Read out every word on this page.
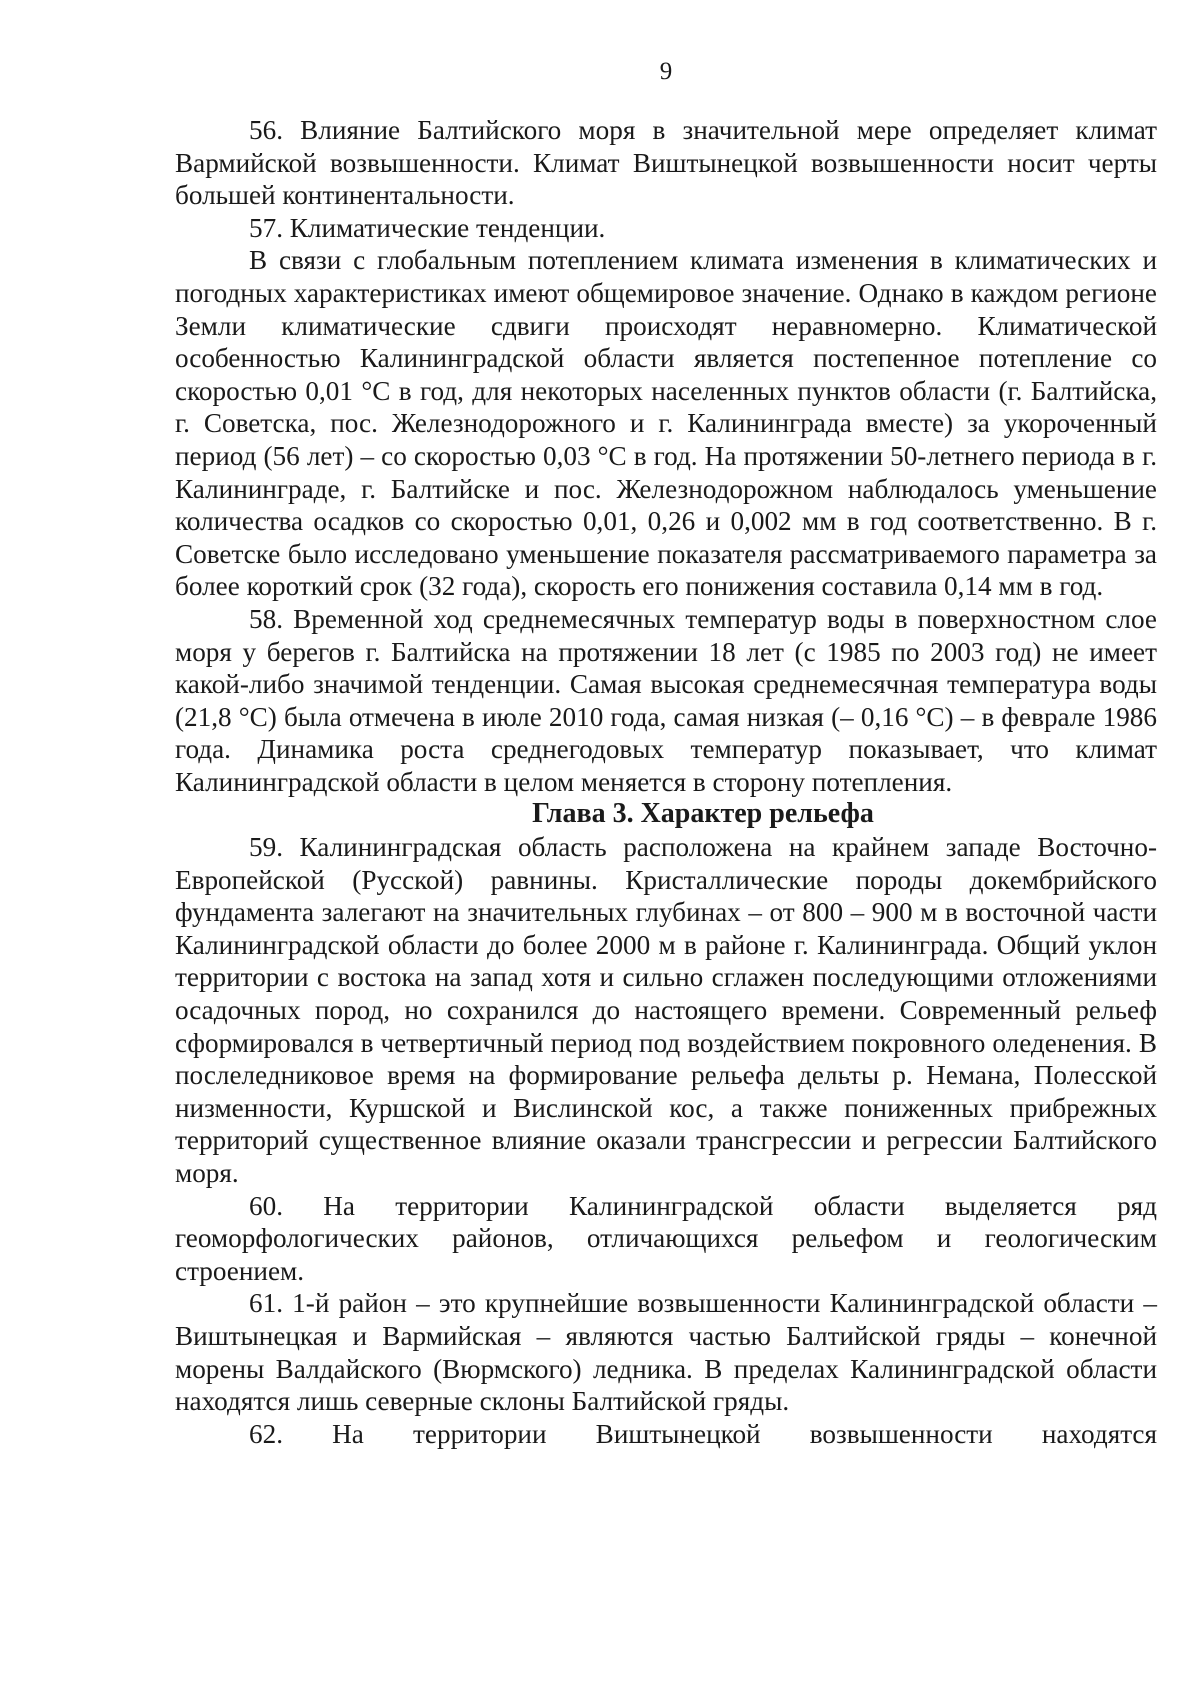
9

56. Влияние Балтийского моря в значительной мере определяет климат Вармийской возвышенности. Климат Виштынецкой возвышенности носит черты большей континентальности.

57. Климатические тенденции.

В связи с глобальным потеплением климата изменения в климатических и погодных характеристиках имеют общемировое значение. Однако в каждом регионе Земли климатические сдвиги происходят неравномерно. Климатической особенностью Калининградской области является постепенное потепление со скоростью 0,01 °С в год, для некоторых населенных пунктов области (г. Балтийска, г. Советска, пос. Железнодорожного и г. Калининграда вместе) за укороченный период (56 лет) – со скоростью 0,03 °С в год. На протяжении 50-летнего периода в г. Калининграде, г. Балтийске и пос. Железнодорожном наблюдалось уменьшение количества осадков со скоростью 0,01, 0,26 и 0,002 мм в год соответственно. В г. Советске было исследовано уменьшение показателя рассматриваемого параметра за более короткий срок (32 года), скорость его понижения составила 0,14 мм в год.

58. Временной ход среднемесячных температур воды в поверхностном слое моря у берегов г. Балтийска на протяжении 18 лет (с 1985 по 2003 год) не имеет какой-либо значимой тенденции. Самая высокая среднемесячная температура воды (21,8 °С) была отмечена в июле 2010 года, самая низкая (– 0,16 °С) – в феврале 1986 года. Динамика роста среднегодовых температур показывает, что климат Калининградской области в целом меняется в сторону потепления.

Глава 3. Характер рельефа

59. Калининградская область расположена на крайнем западе Восточно-Европейской (Русской) равнины. Кристаллические породы докембрийского фундамента залегают на значительных глубинах – от 800 – 900 м в восточной части Калининградской области до более 2000 м в районе г. Калининграда. Общий уклон территории с востока на запад хотя и сильно сглажен последующими отложениями осадочных пород, но сохранился до настоящего времени. Современный рельеф сформировался в четвертичный период под воздействием покровного оледенения. В послеледниковое время на формирование рельефа дельты р. Немана, Полесской низменности, Куршской и Вислинской кос, а также пониженных прибрежных территорий существенное влияние оказали трансгрессии и регрессии Балтийского моря.

60. На территории Калининградской области выделяется ряд геоморфологических районов, отличающихся рельефом и геологическим строением.

61. 1-й район – это крупнейшие возвышенности Калининградской области – Виштынецкая и Вармийская – являются частью Балтийской гряды – конечной морены Валдайского (Вюрмского) ледника. В пределах Калининградской области находятся лишь северные склоны Балтийской гряды.

62. На территории Виштынецкой возвышенности находятся
